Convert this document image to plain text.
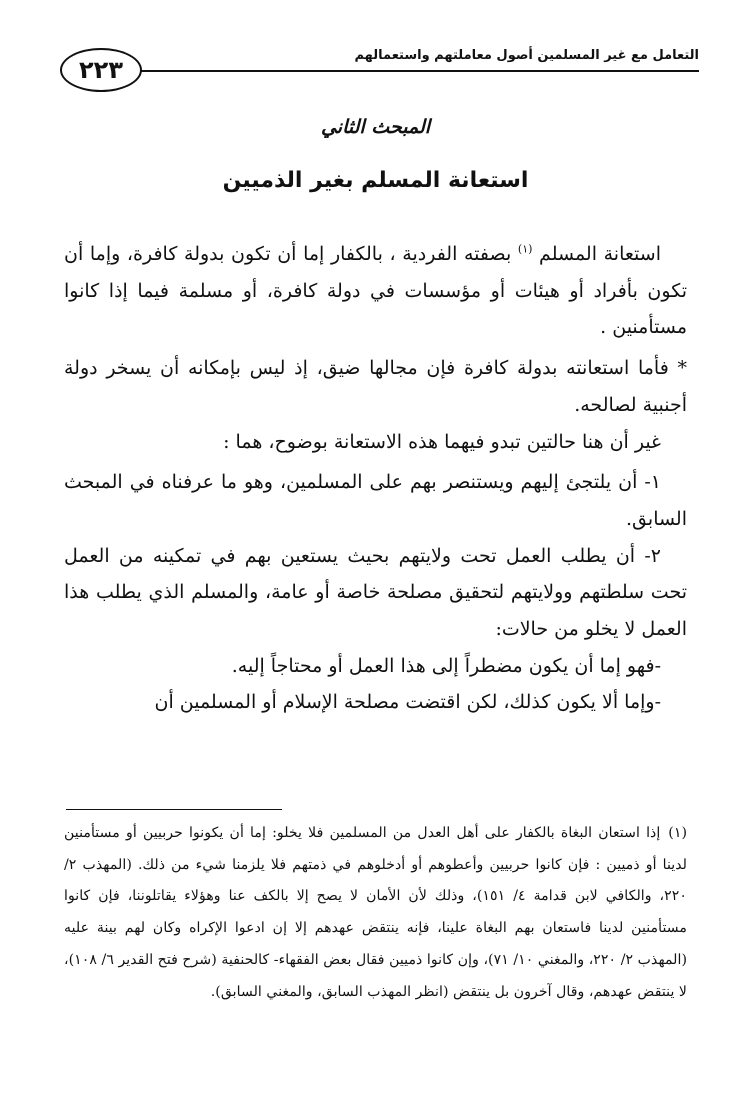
التعامل مع غير المسلمين أصول معاملتهم واستعمالهم
٢٢٣
المبحث الثاني
استعانة المسلم بغير الذميين

استعانة المسلم $^{(١)}$ بصفته الفردية ، بالكفار إما أن تكون بدولة كافرة، وإما أن تكون بأفراد أو هيئات أو مؤسسات في دولة كافرة، أو مسلمة فيما إذا كانوا مستأمنين .

* فأما استعانته بدولة كافرة فإن مجالها ضيق، إذ ليس بإمكانه أن يسخر دولة أجنبية لصالحه.

غير أن هنا حالتين تبدو فيهما هذه الاستعانة بوضوح، هما :

١- أن يلتجئ إليهم ويستنصر بهم على المسلمين، وهو ما عرفناه في المبحث السابق.

٢- أن يطلب العمل تحت ولايتهم بحيث يستعين بهم في تمكينه من العمل تحت سلطتهم وولايتهم لتحقيق مصلحة خاصة أو عامة، والمسلم الذي يطلب هذا العمل لا يخلو من حالات:

-فهو إما أن يكون مضطراً إلى هذا العمل أو محتاجاً إليه.

-وإما ألا يكون كذلك، لكن اقتضت مصلحة الإسلام أو المسلمين أن

(١)إذا استعان البغاة بالكفار على أهل العدل من المسلمين فلا يخلو: إما أن يكونوا حربيين أو مستأمنين لدينا أو ذميين : فإن كانوا حربيين وأعطوهم أو أدخلوهم في ذمتهم فلا يلزمنا شيء من ذلك. (المهذب ٢/ ٢٢٠، والكافي لابن قدامة ٤/ ١٥١)، وذلك لأن الأمان لا يصح إلا بالكف عنا وهؤلاء يقاتلوننا، فإن كانوا مستأمنين لدينا فاستعان بهم البغاة علينا، فإنه ينتقض عهدهم إلا إن ادعوا الإكراه وكان لهم بينة عليه (المهذب ٢/ ٢٢٠، والمغني ١٠/ ٧١)، وإن كانوا ذميين فقال بعض الفقهاء- كالحنفية (شرح فتح القدير ٦/ ١٠٨)، لا ينتقض عهدهم، وقال آخرون بل ينتقض (انظر المهذب السابق، والمغني السابق).
